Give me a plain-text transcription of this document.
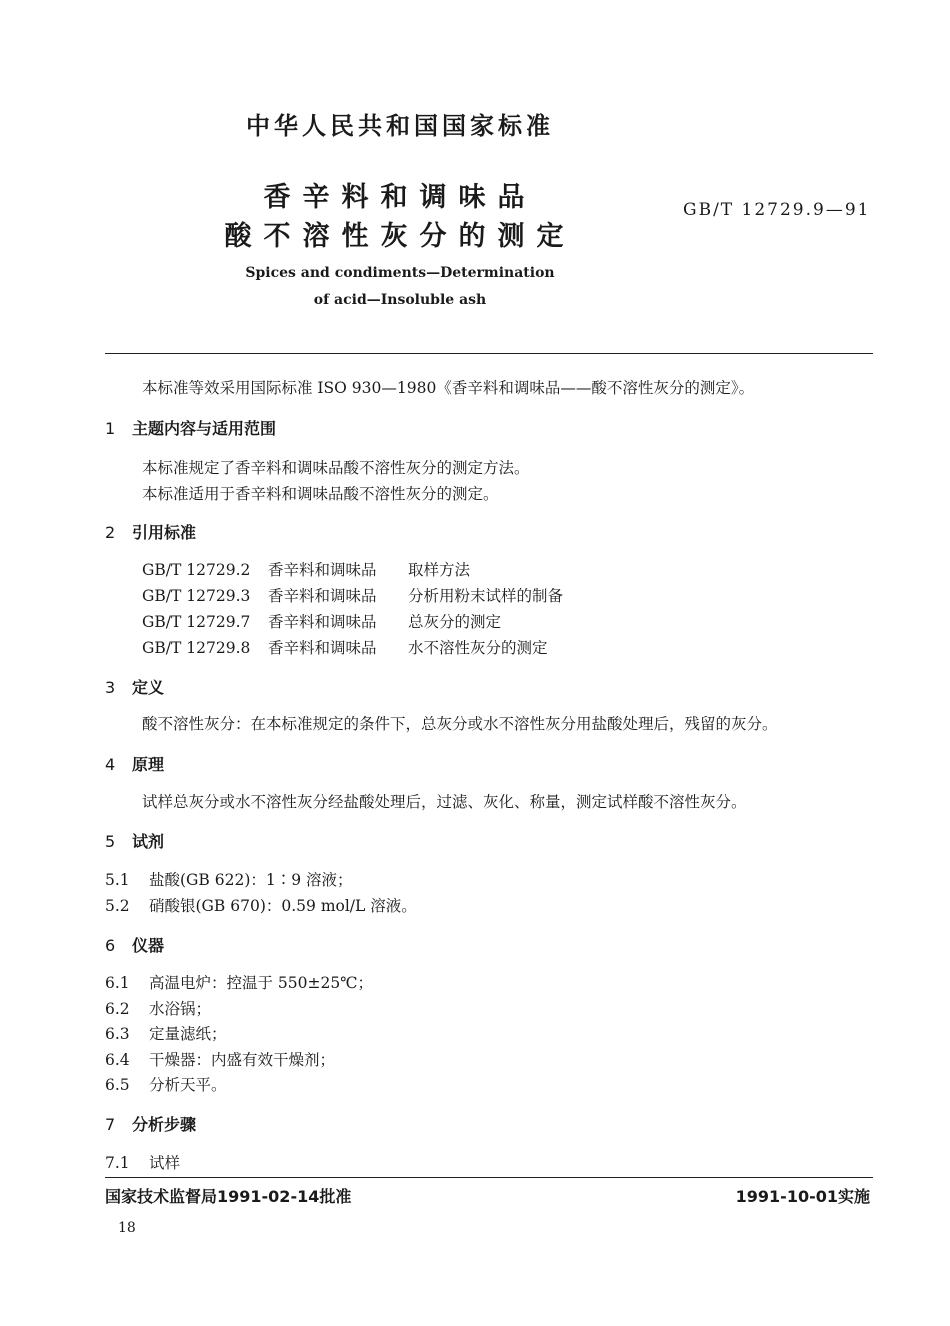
中华人民共和国国家标准
香辛料和调味品
酸不溶性灰分的测定
GB/T 12729.9—91
Spices and condiments—Determination
of acid—Insoluble ash
本标准等效采用国际标准 ISO 930—1980《香辛料和调味品——酸不溶性灰分的测定》。
1 主题内容与适用范围
本标准规定了香辛料和调味品酸不溶性灰分的测定方法。
本标准适用于香辛料和调味品酸不溶性灰分的测定。
2 引用标准
GB/T 12729.2 香辛料和调味品 取样方法
GB/T 12729.3 香辛料和调味品 分析用粉末试样的制备
GB/T 12729.7 香辛料和调味品 总灰分的测定
GB/T 12729.8 香辛料和调味品 水不溶性灰分的测定
3 定义
酸不溶性灰分：在本标准规定的条件下，总灰分或水不溶性灰分用盐酸处理后，残留的灰分。
4 原理
试样总灰分或水不溶性灰分经盐酸处理后，过滤、灰化、称量，测定试样酸不溶性灰分。
5 试剂
5.1 盐酸(GB 622)：1∶9 溶液；
5.2 硝酸银(GB 670)：0.59 mol/L 溶液。
6 仪器
6.1 高温电炉：控温于 550±25℃；
6.2 水浴锅；
6.3 定量滤纸；
6.4 干燥器：内盛有效干燥剂；
6.5 分析天平。
7 分析步骤
7.1 试样
国家技术监督局1991-02-14批准	1991-10-01实施
18
